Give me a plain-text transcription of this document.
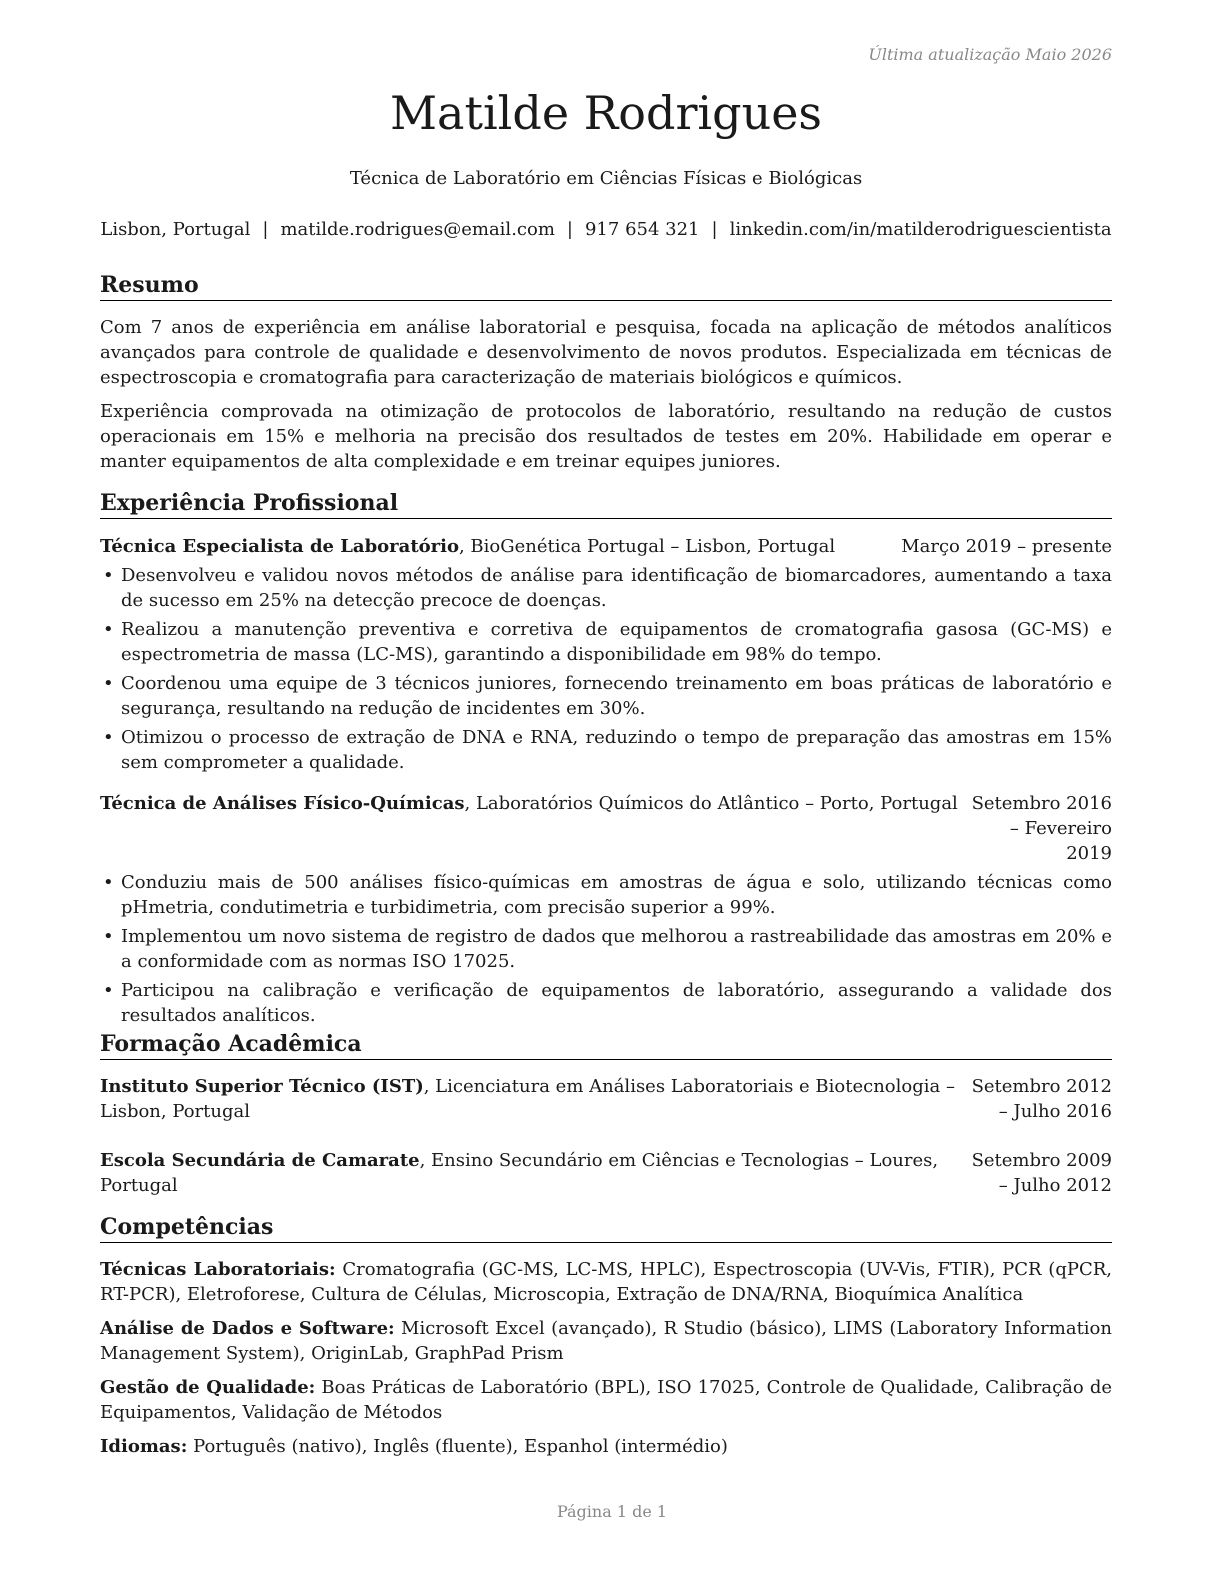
Última atualização Maio 2026
Matilde Rodrigues
Técnica de Laboratório em Ciências Físicas e Biológicas
Lisbon, Portugal | matilde.rodrigues@email.com | 917 654 321 | linkedin.com/in/matilderodriguescientista
Resumo

Com 7 anos de experiência em análise laboratorial e pesquisa, focada na aplicação de métodos analíticos avançados para controle de qualidade e desenvolvimento de novos produtos. Especializada em técnicas de espectroscopia e cromatografia para caracterização de materiais biológicos e químicos.

Experiência comprovada na otimização de protocolos de laboratório, resultando na redução de custos operacionais em 15% e melhoria na precisão dos resultados de testes em 20%. Habilidade em operar e manter equipamentos de alta complexidade e em treinar equipes juniores.

Experiência Profissional
Técnica Especialista de Laboratório, BioGenética Portugal – Lisbon, Portugal	Março 2019 – presente
• Desenvolveu e validou novos métodos de análise para identificação de biomarcadores, aumentando a taxa de sucesso em 25% na detecção precoce de doenças.
• Realizou a manutenção preventiva e corretiva de equipamentos de cromatografia gasosa (GC-MS) e espectrometria de massa (LC-MS), garantindo a disponibilidade em 98% do tempo.
• Coordenou uma equipe de 3 técnicos juniores, fornecendo treinamento em boas práticas de laboratório e segurança, resultando na redução de incidentes em 30%.
• Otimizou o processo de extração de DNA e RNA, reduzindo o tempo de preparação das amostras em 15% sem comprometer a qualidade.
Técnica de Análises Físico-Químicas, Laboratórios Químicos do Atlântico – Porto, Portugal Setembro 2016 – Fevereiro 2019
• Conduziu mais de 500 análises físico-químicas em amostras de água e solo, utilizando técnicas como pHmetria, condutimetria e turbidimetria, com precisão superior a 99%.
• Implementou um novo sistema de registro de dados que melhorou a rastreabilidade das amostras em 20% e a conformidade com as normas ISO 17025.
• Participou na calibração e verificação de equipamentos de laboratório, assegurando a validade dos resultados analíticos.
Formação Acadêmica
Instituto Superior Técnico (IST), Licenciatura em Análises Laboratoriais e Biotecnologia – Lisbon, Portugal
Setembro 2012 – Julho 2016
Escola Secundária de Camarate, Ensino Secundário em Ciências e Tecnologias – Loures, Portugal
Setembro 2009 – Julho 2012
Competências

Técnicas Laboratoriais: Cromatografia (GC-MS, LC-MS, HPLC), Espectroscopia (UV-Vis, FTIR), PCR (qPCR, RT-PCR), Eletroforese, Cultura de Células, Microscopia, Extração de DNA/RNA, Bioquímica Analítica

Análise de Dados e Software: Microsoft Excel (avançado), R Studio (básico), LIMS (Laboratory Information Management System), OriginLab, GraphPad Prism

Gestão de Qualidade: Boas Práticas de Laboratório (BPL), ISO 17025, Controle de Qualidade, Calibração de Equipamentos, Validação de Métodos

Idiomas: Português (nativo), Inglês (fluente), Espanhol (intermédio)

Página 1 de 1
